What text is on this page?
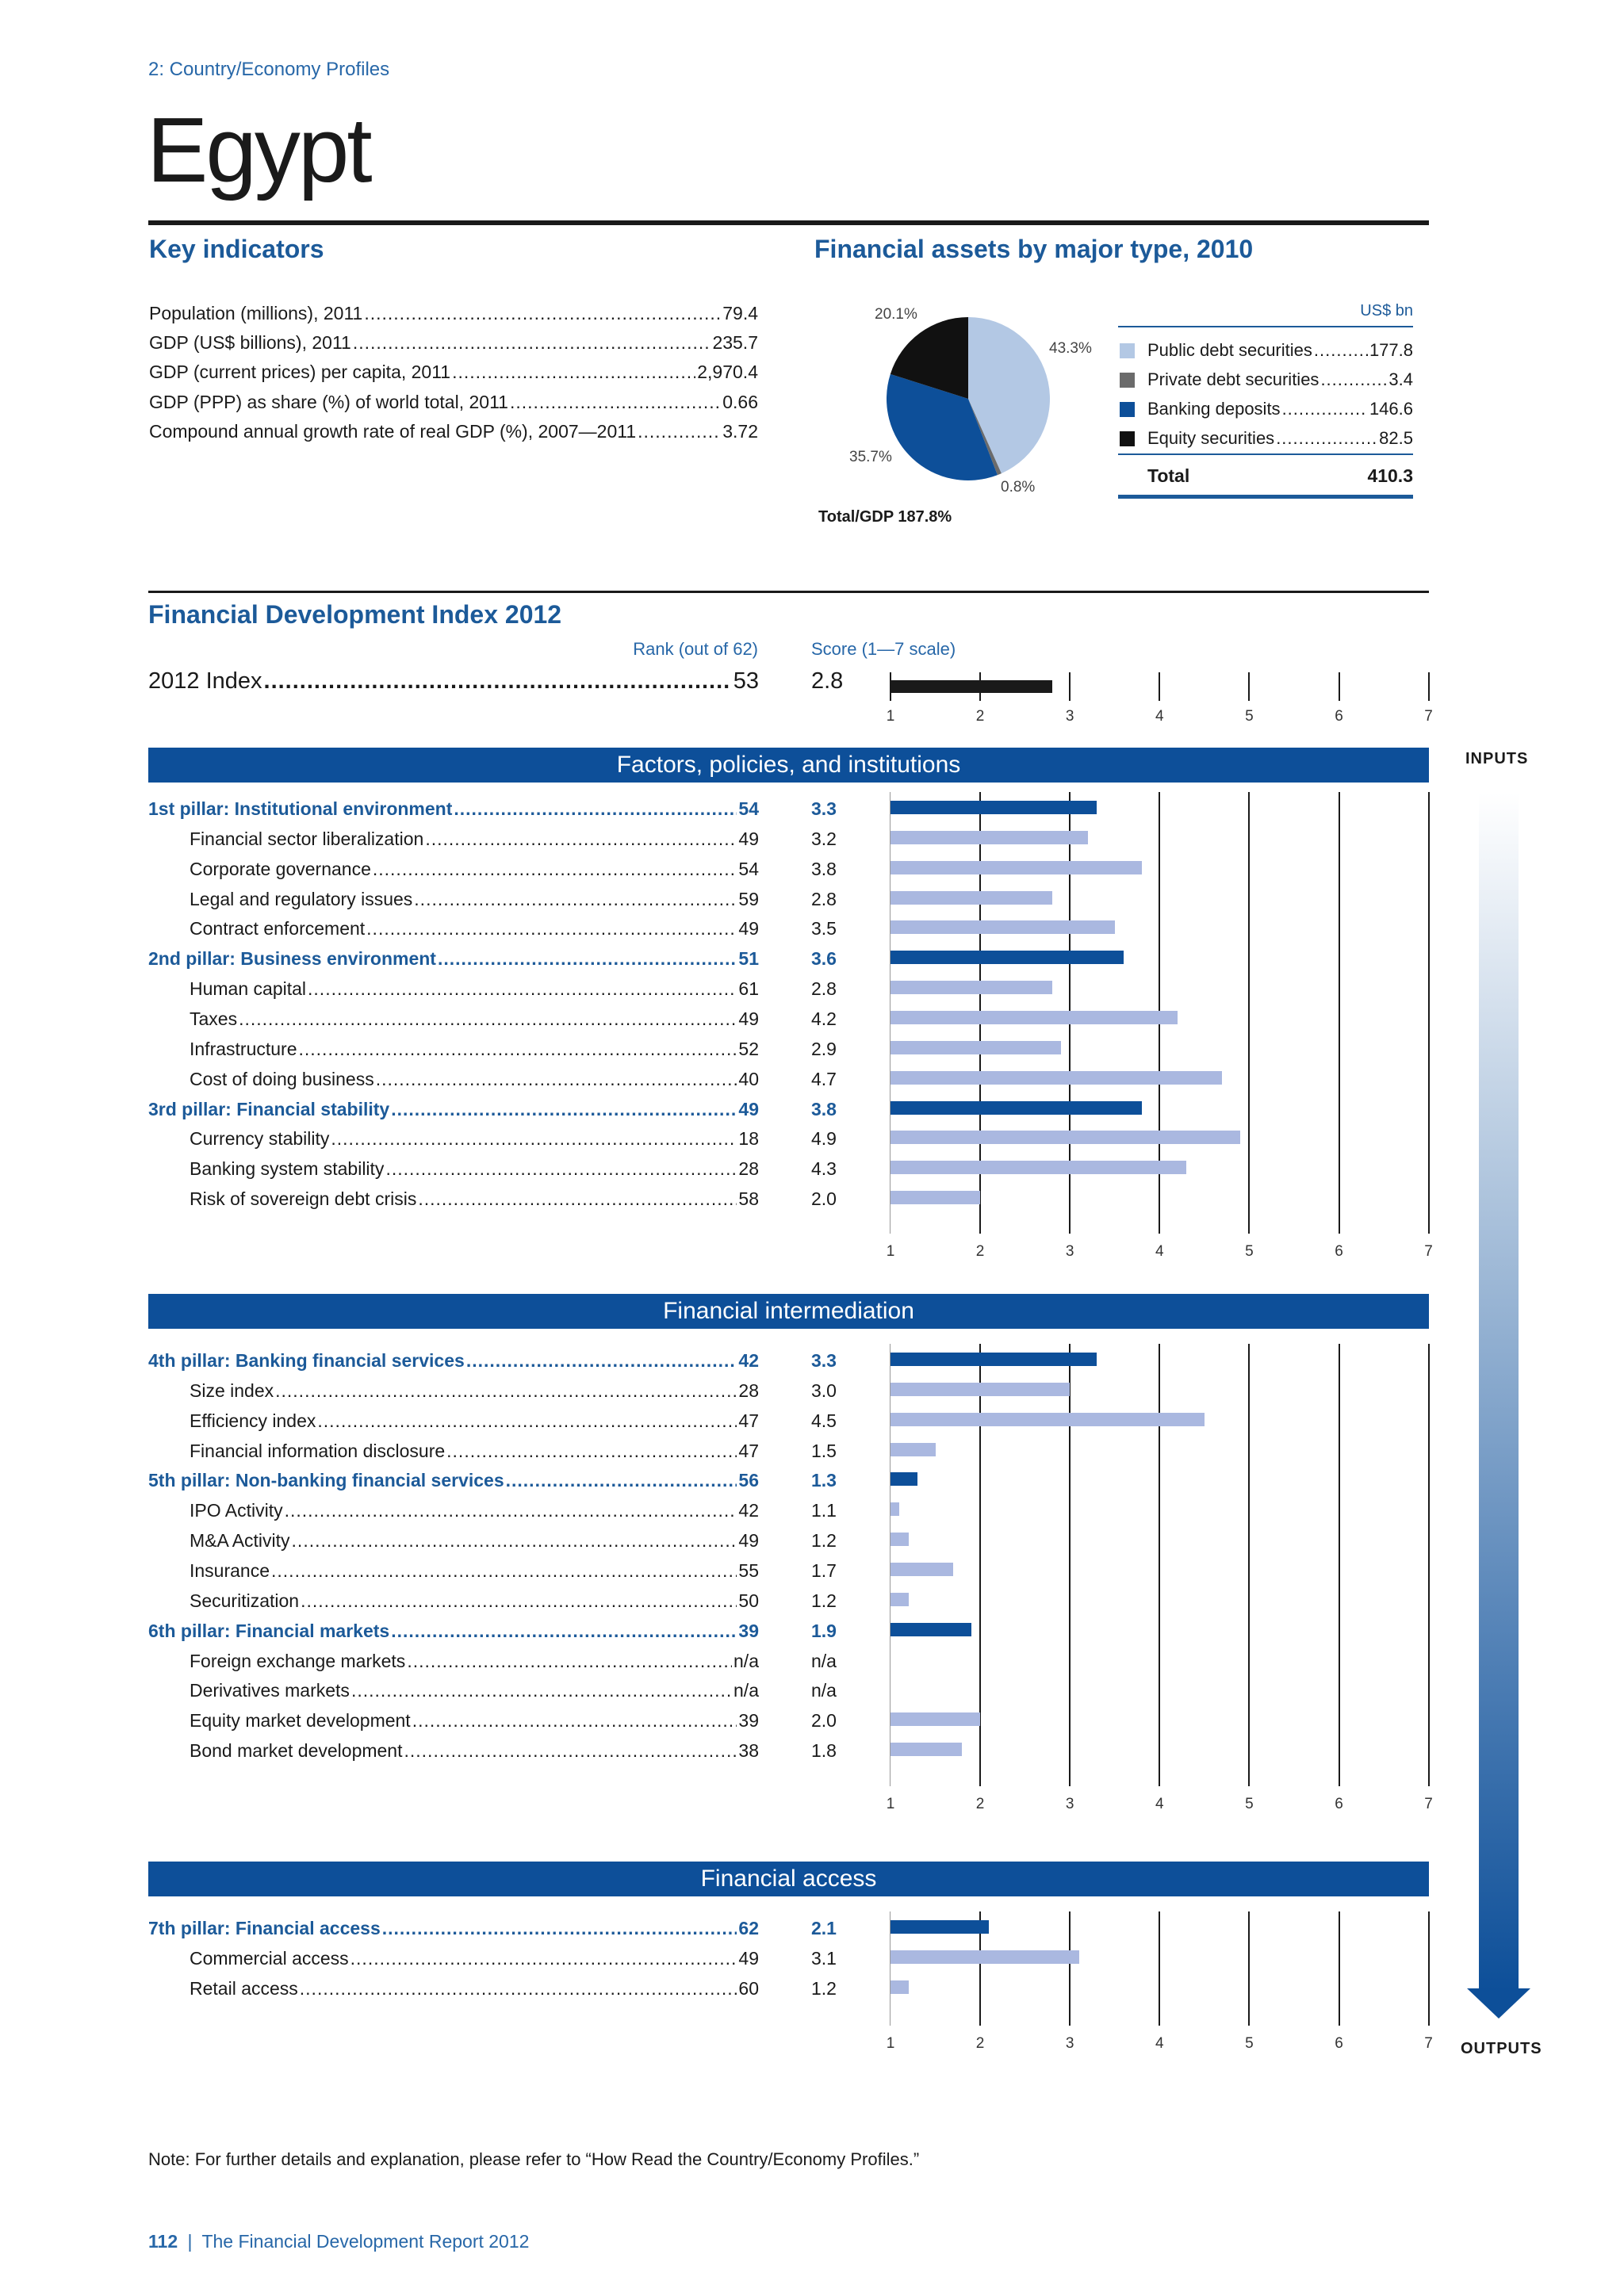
2: Country/Economy Profiles
Egypt
Key indicators
Population (millions), 2011 .....	79.4
GDP (US$ billions), 2011 .....	235.7
GDP (current prices) per capita, 2011 .....	2,970.4
GDP (PPP) as share (%) of world total, 2011 .....	0.66
Compound annual growth rate of real GDP (%), 2007—2011 .....	3.72
Financial assets by major type, 2010
20.1%
43.3%
35.7%
0.8%
Total/GDP 187.8%
US$ bn
Public debt securities .....	177.8
Private debt securities .....	3.4
Banking deposits .....	146.6
Equity securities .....	82.5
Total	410.3
Financial Development Index 2012
Rank (out of 62)	Score (1—7 scale)
2012 Index .....	53 2.8
1	2	3	4	5	6	7
Factors, policies, and institutions
1st pillar: Institutional environment .....	54	3.3
Financial sector liberalization .....	49	3.2
Corporate governance .....	54	3.8
Legal and regulatory issues .....	59	2.8
Contract enforcement .....	49	3.5
2nd pillar: Business environment .....	51	3.6
Human capital .....	61	2.8
Taxes .....	49	4.2
Infrastructure .....	52	2.9
Cost of doing business .....	40	4.7
3rd pillar: Financial stability .....	49	3.8
Currency stability .....	18	4.9
Banking system stability .....	28	4.3
Risk of sovereign debt crisis .....	58	2.0
1	2	3	4	5	6	7
Financial intermediation
4th pillar: Banking financial services .....	42	3.3
Size index .....	28	3.0
Efficiency index .....	47	4.5
Financial information disclosure .....	47	1.5
5th pillar: Non-banking financial services .....	56	1.3
IPO Activity .....	42	1.1
M&A Activity .....	49	1.2
Insurance .....	55	1.7
Securitization .....	50	1.2
6th pillar: Financial markets .....	39	1.9
Foreign exchange markets .....	n/a	n/a
Derivatives markets .....	n/a	n/a
Equity market development .....	39	2.0
Bond market development .....	38	1.8
1	2	3	4	5	6	7
Financial access
7th pillar: Financial access .....	62	2.1
Commercial access .....	49	3.1
Retail access .....	60	1.2
1	2	3	4	5	6	7
INPUTS
OUTPUTS
Note: For further details and explanation, please refer to “How Read the Country/Economy Profiles.”
112 | The Financial Development Report 2012
